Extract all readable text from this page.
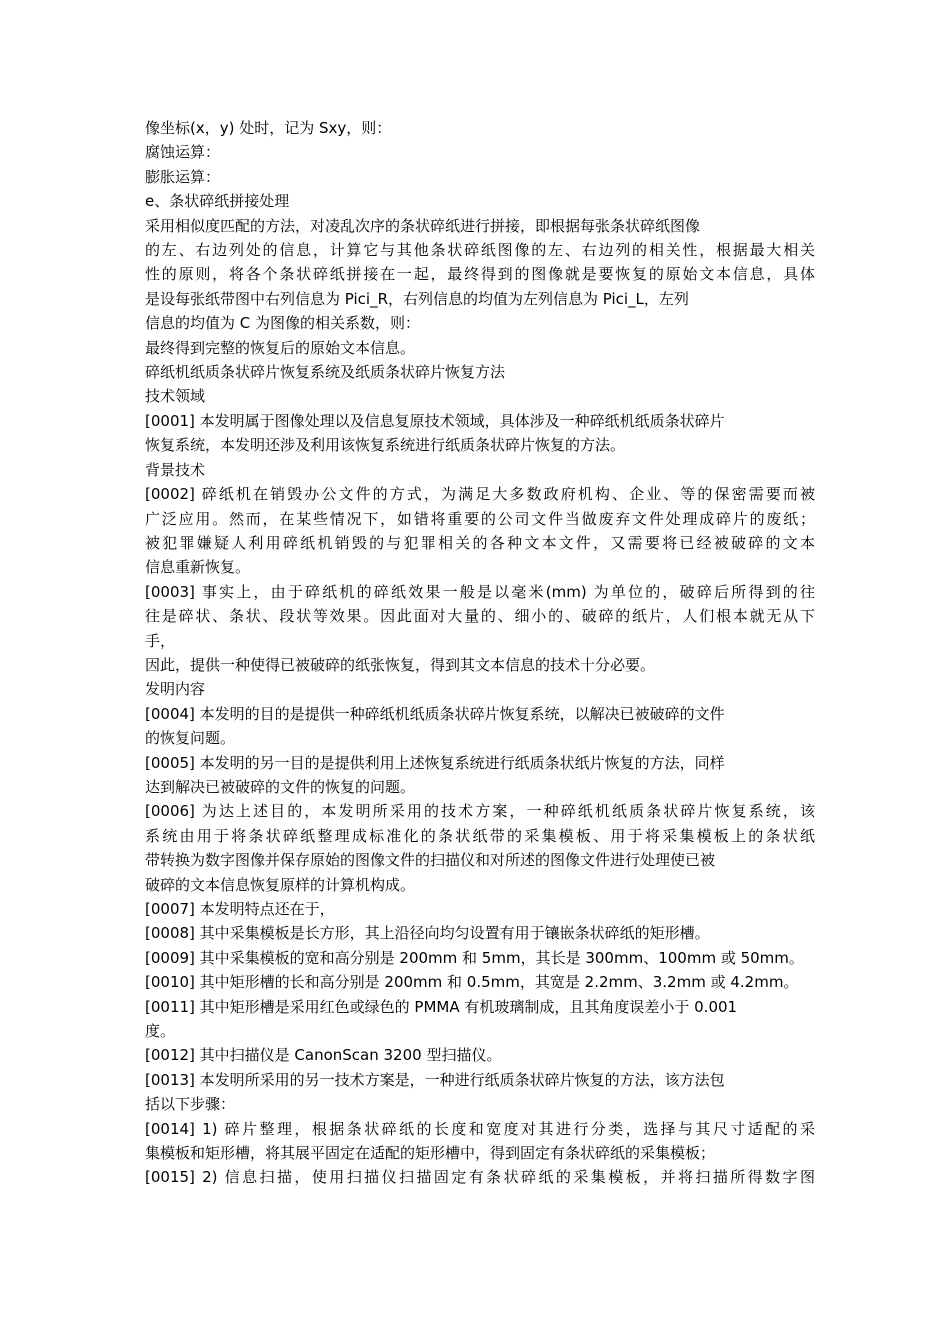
像坐标(x，y) 处时，记为 Sxy，则：
腐蚀运算：
膨胀运算：
e、条状碎纸拼接处理
采用相似度匹配的方法，对凌乱次序的条状碎纸进行拼接，即根据每张条状碎纸图像
的左、右边列处的信息，计算它与其他条状碎纸图像的左、右边列的相关性，根据最大相关
性的原则，将各个条状碎纸拼接在一起，最终得到的图像就是要恢复的原始文本信息，具体
是设每张纸带图中右列信息为 Pici_R，右列信息的均值为左列信息为 Pici_L，左列
信息的均值为 C 为图像的相关系数，则：
最终得到完整的恢复后的原始文本信息。
碎纸机纸质条状碎片恢复系统及纸质条状碎片恢复方法
技术领域
[0001] 本发明属于图像处理以及信息复原技术领域，具体涉及一种碎纸机纸质条状碎片
恢复系统，本发明还涉及利用该恢复系统进行纸质条状碎片恢复的方法。
背景技术
[0002] 碎纸机在销毁办公文件的方式，为满足大多数政府机构、企业、等的保密需要而被
广泛应用。然而，在某些情况下，如错将重要的公司文件当做废弃文件处理成碎片的废纸；
被犯罪嫌疑人利用碎纸机销毁的与犯罪相关的各种文本文件，又需要将已经被破碎的文本
信息重新恢复。
[0003] 事实上，由于碎纸机的碎纸效果一般是以毫米(mm) 为单位的，破碎后所得到的往
往是碎状、条状、段状等效果。因此面对大量的、细小的、破碎的纸片，人们根本就无从下
手，
因此，提供一种使得已被破碎的纸张恢复，得到其文本信息的技术十分必要。
发明内容
[0004] 本发明的目的是提供一种碎纸机纸质条状碎片恢复系统，以解决已被破碎的文件
的恢复问题。
[0005] 本发明的另一目的是提供利用上述恢复系统进行纸质条状纸片恢复的方法，同样
达到解决已被破碎的文件的恢复的问题。
[0006] 为达上述目的，本发明所采用的技术方案，一种碎纸机纸质条状碎片恢复系统，该
系统由用于将条状碎纸整理成标准化的条状纸带的采集模板、用于将采集模板上的条状纸
带转换为数字图像并保存原始的图像文件的扫描仪和对所述的图像文件进行处理使已被
破碎的文本信息恢复原样的计算机构成。
[0007] 本发明特点还在于，
[0008] 其中采集模板是长方形，其上沿径向均匀设置有用于镶嵌条状碎纸的矩形槽。
[0009] 其中采集模板的宽和高分别是 200mm 和 5mm，其长是 300mm、100mm 或 50mm。
[0010] 其中矩形槽的长和高分别是 200mm 和 0.5mm，其宽是 2.2mm、3.2mm 或 4.2mm。
[0011] 其中矩形槽是采用红色或绿色的 PMMA 有机玻璃制成，且其角度误差小于 0.001
度。
[0012] 其中扫描仪是 CanonScan 3200 型扫描仪。
[0013] 本发明所采用的另一技术方案是，一种进行纸质条状碎片恢复的方法，该方法包
括以下步骤：
[0014] 1) 碎片整理，根据条状碎纸的长度和宽度对其进行分类，选择与其尺寸适配的采
集模板和矩形槽，将其展平固定在适配的矩形槽中，得到固定有条状碎纸的采集模板；
[0015] 2) 信息扫描，使用扫描仪扫描固定有条状碎纸的采集模板，并将扫描所得数字图
